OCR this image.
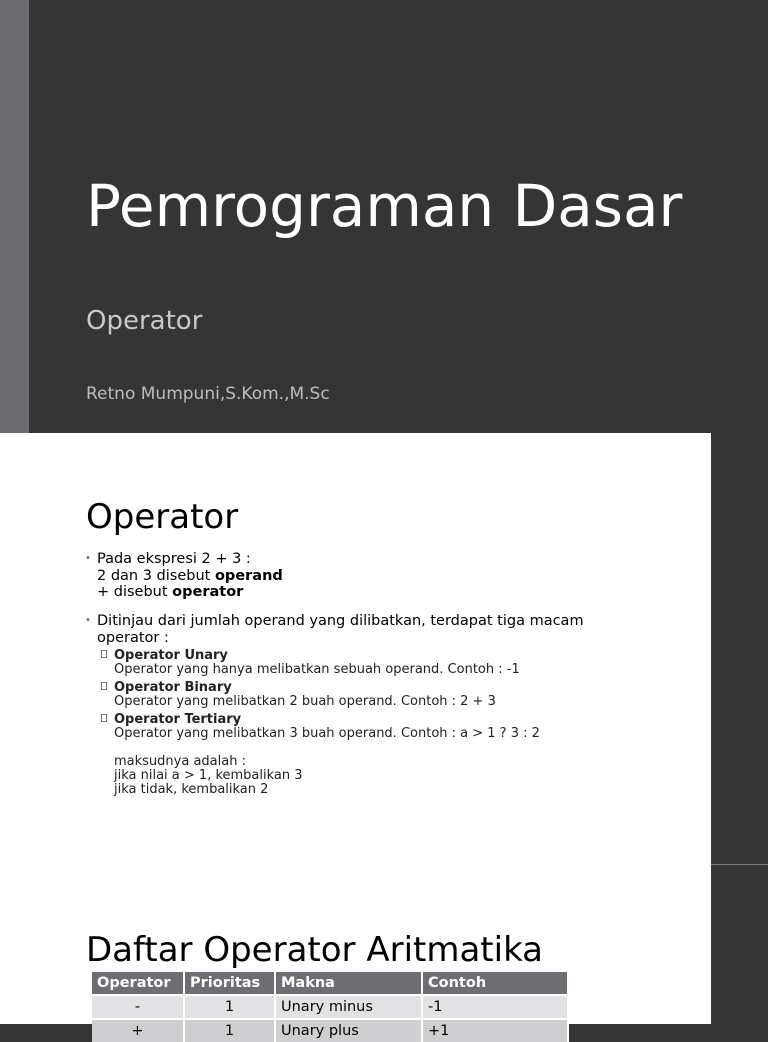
Pemrograman Dasar
Operator
Retno Mumpuni,S.Kom.,M.Sc
Operator
• Pada ekspresi 2 + 3 :
2 dan 3 disebut operand
+ disebut operator
• Ditinjau dari jumlah operand yang dilibatkan, terdapat tiga macam
operator :
Operator Unary
Operator yang hanya melibatkan sebuah operand. Contoh : -1
Operator Binary
Operator yang melibatkan 2 buah operand. Contoh : 2 + 3
Operator Tertiary
Operator yang melibatkan 3 buah operand. Contoh : a > 1 ? 3 : 2
maksudnya adalah :
jika nilai a > 1, kembalikan 3
jika tidak, kembalikan 2
Daftar Operator Aritmatika
Operator	Prioritas	Makna	Contoh
-	1	Unary minus	-1
+	1	Unary plus	+1
